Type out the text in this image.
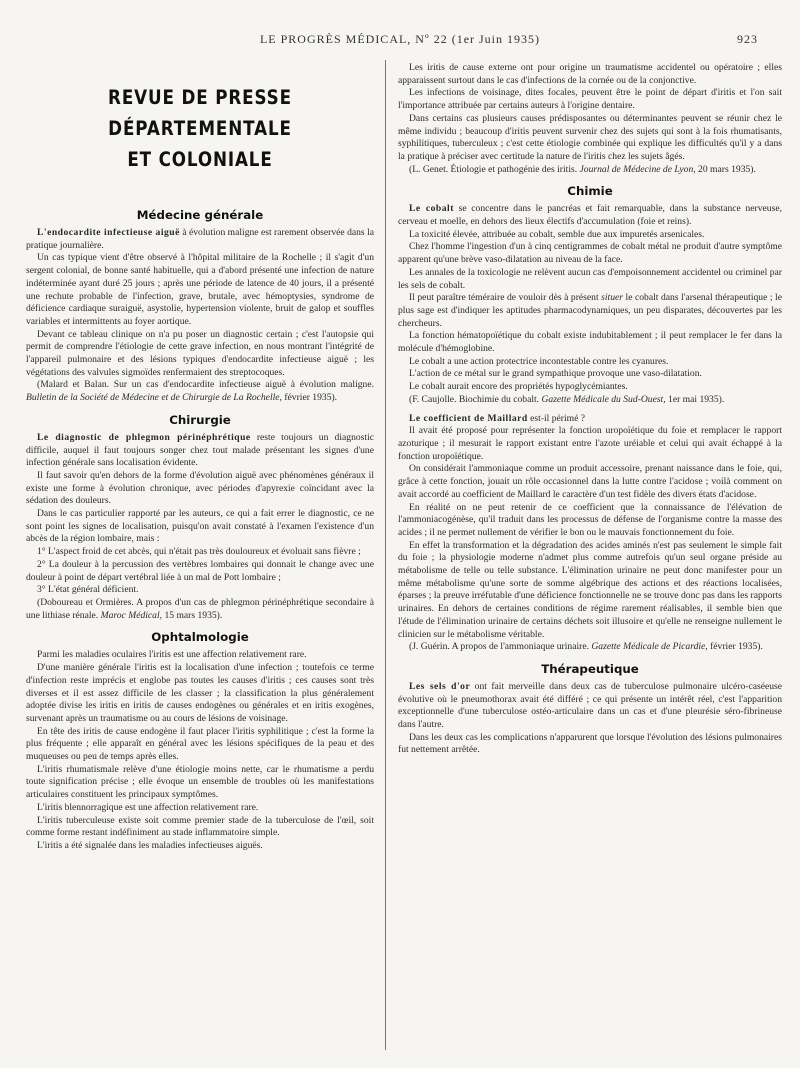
LE PROGRÈS MÉDICAL, Nº 22 (1er Juin 1935)	923
REVUE DE PRESSE DÉPARTEMENTALE
ET COLONIALE
Médecine générale

L'endocardite infectieuse aiguë à évolution maligne est rarement observée dans la pratique journalière.

Un cas typique vient d'être observé à l'hôpital militaire de la Rochelle ; il s'agit d'un sergent colonial, de bonne santé habituelle, qui a d'abord présenté une infection de nature indéterminée ayant duré 25 jours ; après une période de latence de 40 jours, il a présenté une rechute probable de l'infection, grave, brutale, avec hémoptysies, syndrome de déficience cardiaque suraiguë, asystolie, hypertension violente, bruit de galop et souffles variables et intermittents au foyer aortique.

Devant ce tableau clinique on n'a pu poser un diagnostic certain ; c'est l'autopsie qui permit de comprendre l'étiologie de cette grave infection, en nous montrant l'intégrité de l'appareil pulmonaire et des lésions typiques d'endocardite infectieuse aiguë ; les végétations des valvules sigmoïdes renfermaient des streptocoques.

(Malard et Balan. Sur un cas d'endocardite infectieuse aiguë à évolution maligne. Bulletin de la Société de Médecine et de Chirurgie de La Rochelle, février 1935).

Chirurgie

Le diagnostic de phlegmon périnéphrétique reste toujours un diagnostic difficile, auquel il faut toujours songer chez tout malade présentant les signes d'une infection générale sans localisation évidente.

Il faut savoir qu'en dehors de la forme d'évolution aiguë avec phénomènes généraux il existe une forme à évolution chronique, avec périodes d'apyrexie coïncidant avec la sédation des douleurs.

Dans le cas particulier rapporté par les auteurs, ce qui a fait errer le diagnostic, ce ne sont point les signes de localisation, puisqu'on avait constaté à l'examen l'existence d'un abcès de la région lombaire, mais :

1° L'aspect froid de cet abcès, qui n'était pas très douloureux et évoluait sans fièvre ;

2° La douleur à la percussion des vertèbres lombaires qui donnait le change avec une douleur à point de départ vertébral liée à un mal de Pott lombaire ;

3° L'état général déficient.

(Doboureau et Ormières. A propos d'un cas de phlegmon périnéphrétique secondaire à une lithiase rénale. Maroc Médical, 15 mars 1935).

Ophtalmologie

Parmi les maladies oculaires l'iritis est une affection relativement rare.

D'une manière générale l'iritis est la localisation d'une infection ; toutefois ce terme d'infection reste imprécis et englobe pas toutes les causes d'iritis ; ces causes sont très diverses et il est assez difficile de les classer ; la classification la plus généralement adoptée divise les iritis en iritis de causes endogènes ou générales et en iritis exogènes, survenant après un traumatisme ou au cours de lésions de voisinage.

En tête des iritis de cause endogène il faut placer l'iritis syphilitique ; c'est la forme la plus fréquente ; elle apparaît en général avec les lésions spécifiques de la peau et des muqueuses ou peu de temps après elles.

L'iritis rhumatismale relève d'une étiologie moins nette, car le rhumatisme a perdu toute signification précise ; elle évoque un ensemble de troubles où les manifestations articulaires constituent les principaux symptômes.

L'iritis blennorragique est une affection relativement rare.

L'iritis tuberculeuse existe soit comme premier stade de la tuberculose de l'œil, soit comme forme restant indéfiniment au stade inflammatoire simple.

L'iritis a été signalée dans les maladies infectieuses aiguës.

Les iritis de cause externe ont pour origine un traumatisme accidentel ou opératoire ; elles apparaissent surtout dans le cas d'infections de la cornée ou de la conjonctive.

Les infections de voisinage, dites focales, peuvent être le point de départ d'iritis et l'on sait l'importance attribuée par certains auteurs à l'origine dentaire.

Dans certains cas plusieurs causes prédisposantes ou déterminantes peuvent se réunir chez le même individu ; beaucoup d'iritis peuvent survenir chez des sujets qui sont à la fois rhumatisants, syphilitiques, tuberculeux ; c'est cette étiologie combinée qui explique les difficultés qu'il y a dans la pratique à préciser avec certitude la nature de l'iritis chez les sujets âgés.

(L. Genet. Étiologie et pathogénie des iritis. Journal de Médecine de Lyon, 20 mars 1935).

Chimie

Le cobalt se concentre dans le pancréas et fait remarquable, dans la substance nerveuse, cerveau et moelle, en dehors des lieux électifs d'accumulation (foie et reins).

La toxicité élevée, attribuée au cobalt, semble due aux impuretés arsenicales.

Chez l'homme l'ingestion d'un à cinq centigrammes de cobalt métal ne produit d'autre symptôme apparent qu'une brève vaso-dilatation au niveau de la face.

Les annales de la toxicologie ne relèvent aucun cas d'empoisonnement accidentel ou criminel par les sels de cobalt.

Il peut paraître téméraire de vouloir dès à présent situer le cobalt dans l'arsenal thérapeutique ; le plus sage est d'indiquer les aptitudes pharmacodynamiques, un peu disparates, découvertes par les chercheurs.

La fonction hématopoïétique du cobalt existe indubitablement ; il peut remplacer le fer dans la molécule d'hémoglobine.

Le cobalt a une action protectrice incontestable contre les cyanures.

L'action de ce métal sur le grand sympathique provoque une vaso-dilatation.

Le cobalt aurait encore des propriétés hypoglycémiantes.

(F. Caujolle. Biochimie du cobalt. Gazette Médicale du Sud-Ouest, 1er mai 1935).

Le coefficient de Maillard est-il périmé ?

Il avait été proposé pour représenter la fonction uropoïétique du foie et remplacer le rapport azoturique ; il mesurait le rapport existant entre l'azote uréiable et celui qui avait échappé à la fonction uropoïétique.

On considérait l'ammoniaque comme un produit accessoire, prenant naissance dans le foie, qui, grâce à cette fonction, jouait un rôle occasionnel dans la lutte contre l'acidose ; voilà comment on avait accordé au coefficient de Maillard le caractère d'un test fidèle des divers états d'acidose.

En réalité on ne peut retenir de ce coefficient que la connaissance de l'élévation de l'ammoniacogénèse, qu'il traduit dans les processus de défense de l'organisme contre la masse des acides ; il ne permet nullement de vérifier le bon ou le mauvais fonctionnement du foie.

En effet la transformation et la dégradation des acides aminés n'est pas seulement le simple fait du foie ; la physiologie moderne n'admet plus comme autrefois qu'un seul organe préside au métabolisme de telle ou telle substance. L'élimination urinaire ne peut donc manifester pour un même métabolisme qu'une sorte de somme algébrique des actions et des réactions localisées, éparses ; la preuve irréfutable d'une déficience fonctionnelle ne se trouve donc pas dans les rapports urinaires. En dehors de certaines conditions de régime rarement réalisables, il semble bien que l'étude de l'élimination urinaire de certains déchets soit illusoire et qu'elle ne renseigne nullement le clinicien sur le métabolisme véritable.

(J. Guérin. A propos de l'ammoniaque urinaire. Gazette Médicale de Picardie, février 1935).

Thérapeutique

Les sels d'or ont fait merveille dans deux cas de tuberculose pulmonaire ulcéro-caséeuse évolutive où le pneumothorax avait été différé ; ce qui présente un intérêt réel, c'est l'apparition exceptionnelle d'une tuberculose ostéo-articulaire dans un cas et d'une pleurésie séro-fibrineuse dans l'autre.

Dans les deux cas les complications n'apparurent que lorsque l'évolution des lésions pulmonaires fut nettement arrêtée.
